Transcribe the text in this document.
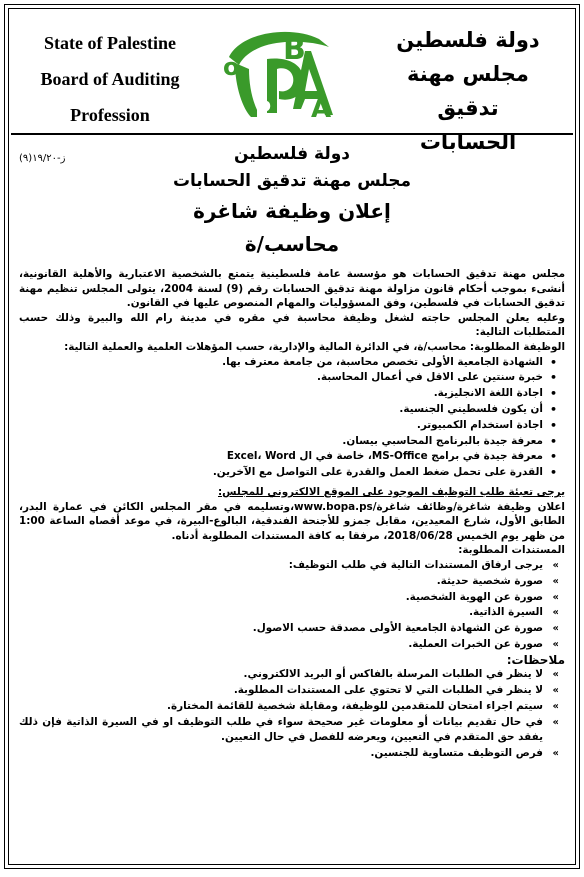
State of Palestine
Board of Auditing
Profession
o B
P A
دولة فلسطين
مجلس مهنة تدقيق
الحسابات
ز-١٩/٢٠(٩)	دولة فلسطين
مجلس مهنة تدقيق الحسابات
إعلان وظيفة شاغرة
محاسب/ة

مجلس مهنة تدقيق الحسابات هو مؤسسة عامة فلسطينية يتمتع بالشخصية الاعتبارية والأهلية القانونية، أنشىء بموجب أحكام قانون مزاولة مهنة تدقيق الحسابات رقم (9) لسنة 2004، يتولى المجلس تنظيم مهنة تدقيق الحسابات في فلسطين، وفق المسؤوليات والمهام المنصوص عليها في القانون.

وعليه يعلن المجلس حاجته لشغل وظيفة محاسبة في مقره في مدينة رام الله والبيرة وذلك حسب المتطلبات التالية:

الوظيفة المطلوبة: محاسب/ة، في الدائرة المالية والإدارية، حسب المؤهلات العلمية والعملية التالية:

• الشهادة الجامعية الأولى تخصص محاسبة، من جامعة معترف بها.
• خبرة سنتين على الاقل في أعمال المحاسبة.
• اجادة اللغة الانجليزية.
• أن يكون فلسطيني الجنسية.
• اجادة استخدام الكمبيوتر.
• معرفة جيدة بالبرنامج المحاسبي بيسان.
• معرفة جيدة في برامج MS-Office، خاصة في ال Excel، Word
• القدرة على تحمل ضغط العمل والقدرة على التواصل مع الآخرين.

يرجى تعبئة طلب التوظيف الموجود على الموقع الالكتروني للمجلس:

اعلان وظيفة شاغرة/وظائف شاغرة/www.bopa.ps،وتسليمه في مقر المجلس الكائن في عمارة البدر، الطابق الأول، شارع المعيدين، مقابل جمزو للأجنحة الفندقية، البالوع-البيرة، في موعد أقصاه الساعة 1:00 من ظهر يوم الخميس 2018/06/28، مرفقا به كافة المستندات المطلوبة أدناه.

المستندات المطلوبة:

» يرجى ارفاق المستندات التالية في طلب التوظيف:
» صورة شخصية حديثة.
» صورة عن الهوية الشخصية.
» السيرة الذاتية.
» صورة عن الشهادة الجامعية الأولى مصدقة حسب الاصول.
» صورة عن الخبرات العملية.

ملاحظات:

» لا ينظر في الطلبات المرسلة بالفاكس أو البريد الالكتروني.
» لا ينظر في الطلبات التي لا تحتوي على المستندات المطلوبة.
» سيتم اجراء امتحان للمتقدمين للوظيفة، ومقابلة شخصية للقائمة المختارة.
» في حال تقديم بيانات أو معلومات غير صحيحة سواء في طلب التوظيف او في السيرة الذاتية فإن ذلك يفقد حق المتقدم في التعيين، ويعرضه للفصل في حال التعيين.
» فرص التوظيف متساوية للجنسين.
